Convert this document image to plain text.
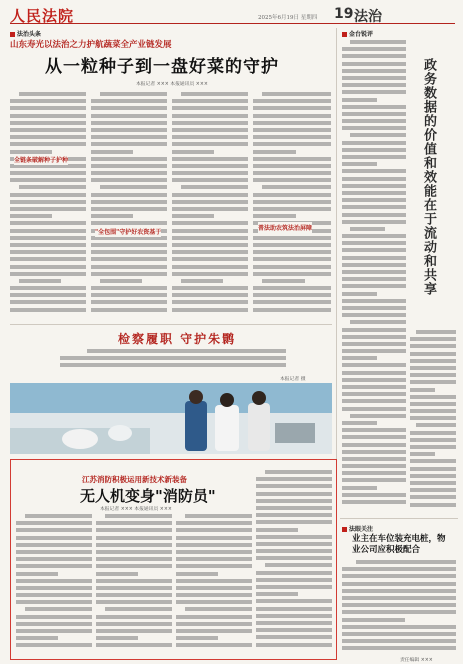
人民法院	2025年6月19日 星期四 19 法治
法治头条
山东寿光以法治之力护航蔬菜全产业链发展
从一粒种子到一盘好菜的守护
本报记者 ××× 本报通讯员 ×××
全链条破解种子护种
"全包围"守护好农资基于
普法助农筑法治屏障
金台锐评
政务数据的价值和效能在于流动和共享
检察履职 守护朱鹮
本报记者 摄
法眼关注
业主在车位装充电桩，物业公司应积极配合
江苏消防积极运用新技术新装备
无人机变身"消防员"
本报记者 ××× 本报通讯员 ×××
责任编辑 ×××
